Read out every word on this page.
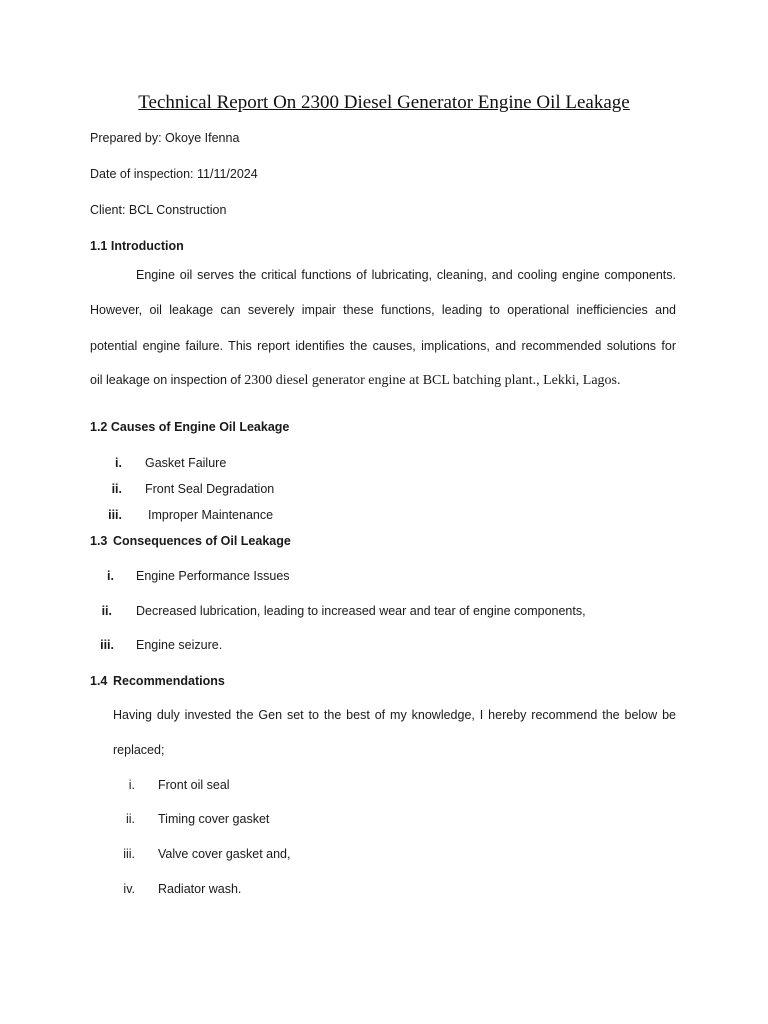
Technical Report On 2300 Diesel Generator Engine Oil Leakage
Prepared by: Okoye Ifenna
Date of inspection: 11/11/2024
Client: BCL Construction
1.1 Introduction
Engine oil serves the critical functions of lubricating, cleaning, and cooling engine components.
However, oil leakage can severely impair these functions, leading to operational inefficiencies and
potential engine failure. This report identifies the causes, implications, and recommended solutions for
oil leakage on inspection of 2300 diesel generator engine at BCL batching plant., Lekki, Lagos.
1.2 Causes of Engine Oil Leakage
i. Gasket Failure
ii. Front Seal Degradation
iii. Improper Maintenance
1.3 Consequences of Oil Leakage
i. Engine Performance Issues
ii. Decreased lubrication, leading to increased wear and tear of engine components,
iii. Engine seizure.
1.4 Recommendations
Having duly invested the Gen set to the best of my knowledge, I hereby recommend the below be
replaced;
i. Front oil seal
ii. Timing cover gasket
iii. Valve cover gasket and,
iv. Radiator wash.
